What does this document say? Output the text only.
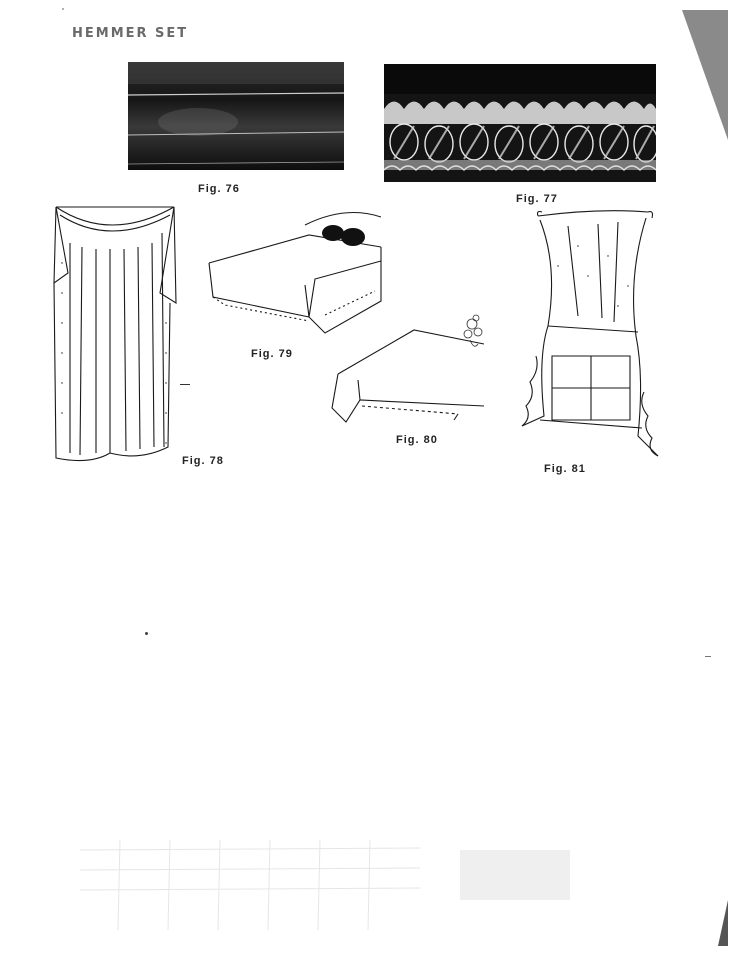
HEMMER SET
Fig. 76
Fig. 77
Fig. 78
Fig. 79
Fig. 80
Fig. 81
